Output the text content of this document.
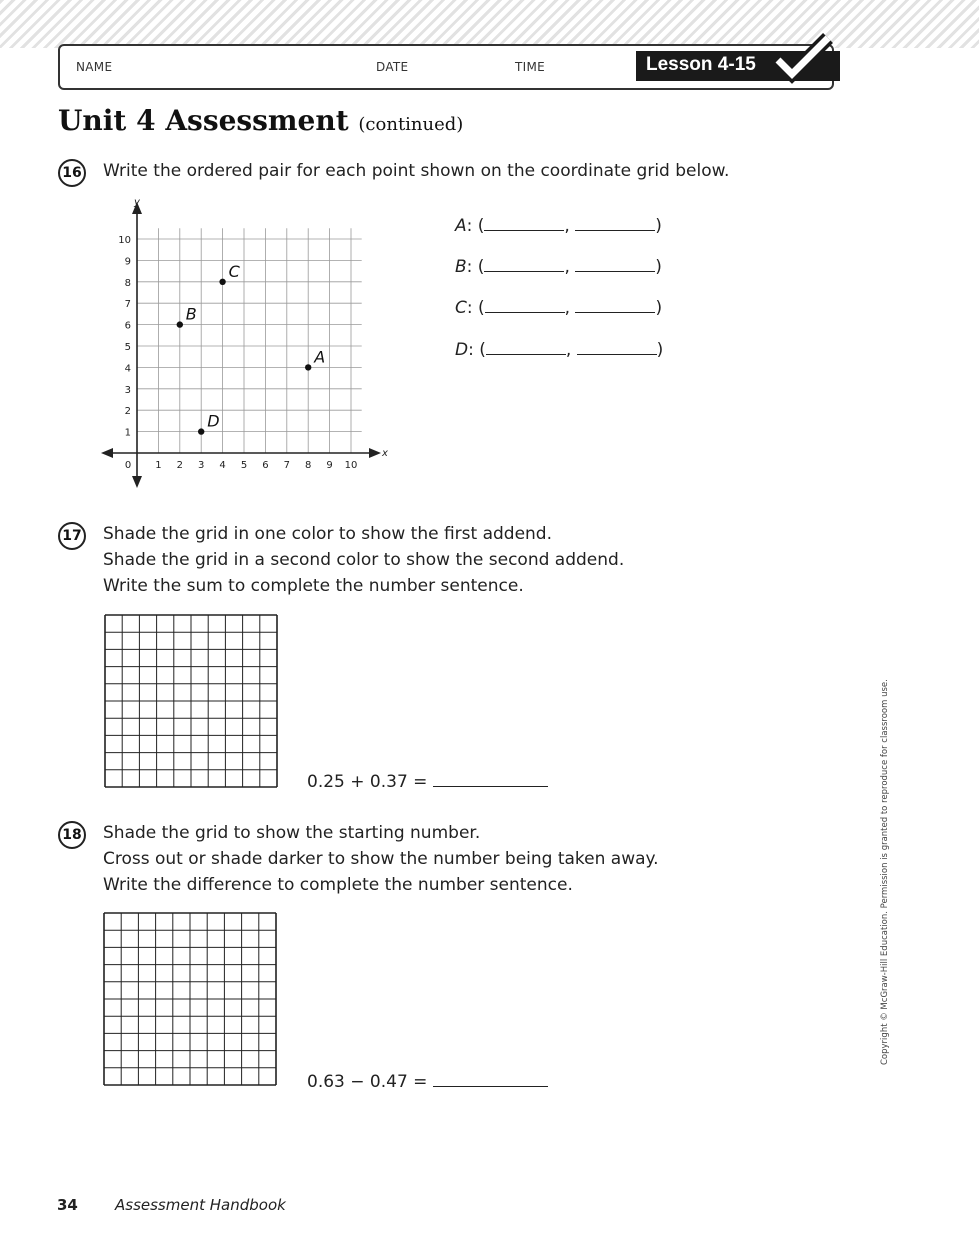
NAME	DATE	TIME	Lesson 4-15
Unit 4 Assessment (continued)
16 Write the ordered pair for each point shown on the coordinate grid below.
x
y
0 1 2 3 4 5 6 7 8 9 10
1
2
3
4
5
6
7
8
9
10
A
B
C
D
A: (	,	)
B: (	,	)
C: (	,	)
D: (	,	)
17 Shade the grid in one color to show the first addend.
Shade the grid in a second color to show the second addend.
Write the sum to complete the number sentence.
0.25 + 0.37 =
18 Shade the grid to show the starting number.
Cross out or shade darker to show the number being taken away.
Write the difference to complete the number sentence.
0.63 − 0.47 =
Copyright © McGraw-Hill Education. Permission is granted to reproduce for classroom use.
34 Assessment Handbook
